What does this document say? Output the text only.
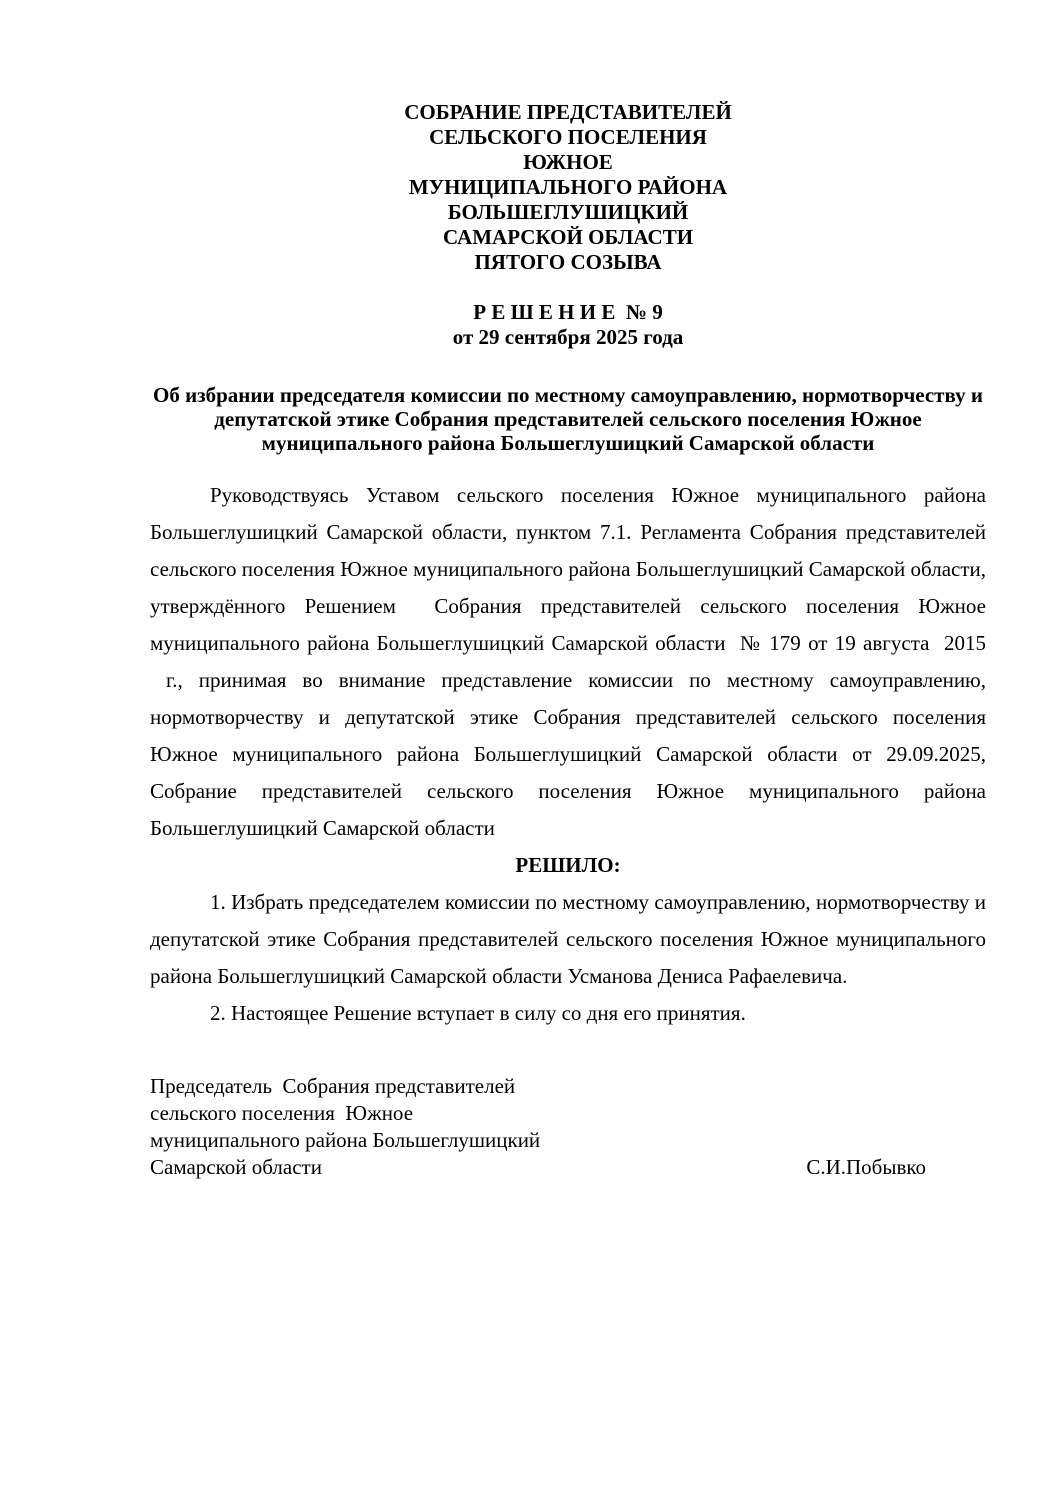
СОБРАНИЕ ПРЕДСТАВИТЕЛЕЙ
СЕЛЬСКОГО ПОСЕЛЕНИЯ
ЮЖНОЕ
МУНИЦИПАЛЬНОГО РАЙОНА
БОЛЬШЕГЛУШИЦКИЙ
САМАРСКОЙ ОБЛАСТИ
ПЯТОГО СОЗЫВА
Р Е Ш Е Н И Е  № 9
от 29 сентября 2025 года
Об избрании председателя комиссии по местному самоуправлению, нормотворчеству и депутатской этике Собрания представителей сельского поселения Южное муниципального района Большеглушицкий Самарской области

Руководствуясь Уставом сельского поселения Южное муниципального района Большеглушицкий Самарской области, пунктом 7.1. Регламента Собрания представителей сельского поселения Южное муниципального района Большеглушицкий Самарской области, утверждённого Решением  Собрания представителей сельского поселения Южное муниципального района Большеглушицкий Самарской области  № 179 от 19 августа  2015  г., принимая во внимание представление комиссии по местному самоуправлению, нормотворчеству и депутатской этике Собрания представителей сельского поселения Южное муниципального района Большеглушицкий Самарской области от 29.09.2025, Собрание представителей сельского поселения Южное муниципального района Большеглушицкий Самарской области

РЕШИЛО:

1. Избрать председателем комиссии по местному самоуправлению, нормотворчеству и депутатской этике Собрания представителей сельского поселения Южное муниципального района Большеглушицкий Самарской области Усманова Дениса Рафаелевича.

2. Настоящее Решение вступает в силу со дня его принятия.

Председатель  Собрания представителей
сельского поселения  Южное
муниципального района Большеглушицкий
Самарской области	С.И.Побывко
